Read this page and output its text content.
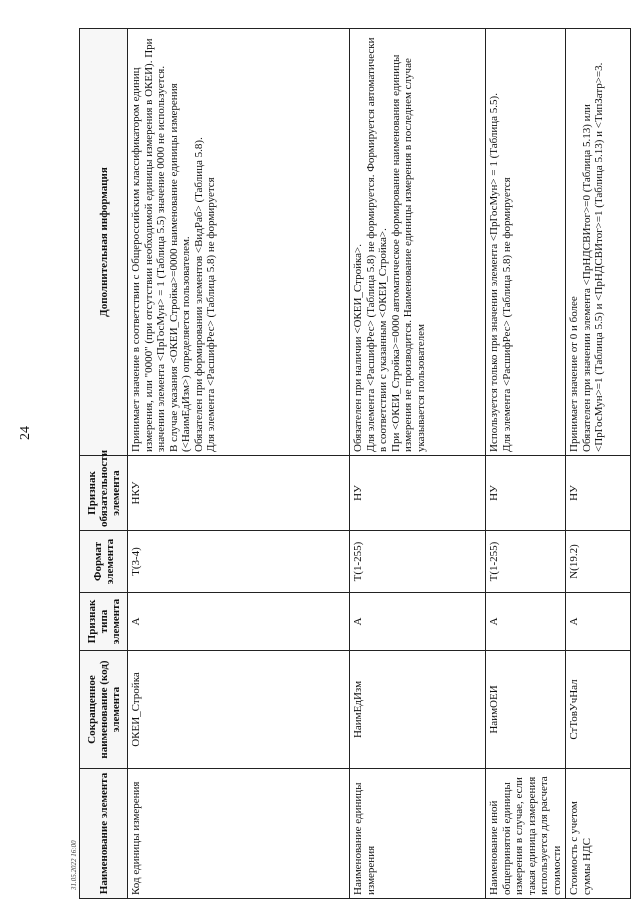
24
31.05.2022 16:00 Наименование элемента	Сокращенное наименование (код) элемента	Признак типа элемента	Формат элемента	Признак обязательности элемента	Дополнительная информация
Код единицы измерения	ОКЕИ_Стройка	А	Т(3-4)	НКУ	Принимает значение в соответствии с Общероссийским классификатором единиц измерения, или "0000" (при отсутствии необходимой единицы измерения в ОКЕИ). При значении элемента <ПрГосМун> = 1 (Таблица 5.5) значение 0000 не используется. В случае указания <ОКЕИ_Стройка>=0000 наименование единицы измерения (<НаимЕдИзм>) определяется пользователем. Обязателен при формировании элементов <ВидРаб> (Таблица 5.8). Для элемента <РасшифРес> (Таблица 5.8) не формируется

Наименование единицы измерения	НаимЕдИзм	А	Т(1-255)	НУ	Обязателен при наличии <ОКЕИ_Стройка>. Для элемента <РасшифРес> (Таблица 5.8) не формируется. Формируется автоматически в соответствии с указанным <ОКЕИ_Стройка>. При <ОКЕИ_Стройка>=0000 автоматическое формирование наименования единицы измерения не производится. Наименование единицы измерения в последнем случае указывается пользователем

Наименование иной общепринятой единицы измерения в случае, если такая единица измерения используется для расчета стоимости	НаимОЕИ	А	Т(1-255)	НУ	Используется только при значении элемента <ПрГосМун> = 1 (Таблица 5.5). Для элемента <РасшифРес> (Таблица 5.8) не формируется

Стоимость с учетом суммы НДС	СтТовУчНал	А	N(19.2)	НУ	Принимает значение от 0 и более Обязателен при значении элемента <ПрНДСВИтог>=0 (Таблица 5.13) или <ПрГосМун>=1 (Таблица 5.5) и <ПрНДСВИтог>=1 (Таблица 5.13) и <ТипЗатр>=3.
